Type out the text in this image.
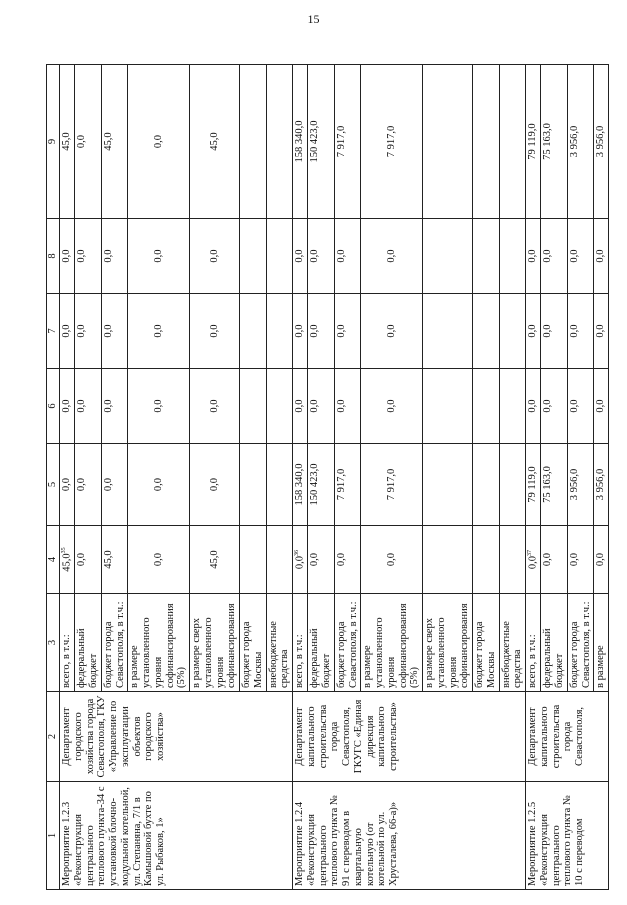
15
1	2	3	4	5	6	7	8	9
Мероприятие 1.2.3 «Реконструкция центрального теплового пункта-34 с установкой блочно-модульной котельной, ул. Степаняна, 7/1 в Камышовой бухте по ул. Рыбаков, 1»	Департамент городского хозяйства города Севастополя, ГКУ «Управление по эксплуатации объектов городского хозяйства»	всего, в т.ч.:	45,0$^{35}$	0,0	0,0	0,0	0,0	45,0
		федеральный бюджет	0,0	0,0	0,0	0,0	0,0	0,0
		бюджет города Севастополя, в т.ч.:	45,0	0,0	0,0	0,0	0,0	45,0
		в размере установленного уровня софинансирования (5%)	0,0	0,0	0,0	0,0	0,0	0,0
		в размере сверх установленного уровня софинансирования	45,0	0,0	0,0	0,0	0,0	45,0
		бюджет города Москвы						
		внебюджетные средства						
Мероприятие 1.2.4 «Реконструкция центрального теплового пункта № 91 с переводом в квартальную котельную (от котельной по ул. Хрусталева, 66-а)»	Департамент капитального строительства города Севастополя, ГКУГС «Единая дирекция капитального строительства»	всего, в т.ч.:	$0,0^{36}$	158 340,0	0,0	0,0	0,0	158 340,0
		федеральный бюджет	0,0	150 423,0	0,0	0,0	0,0	150 423,0
		бюджет города Севастополя, в т.ч.:	0,0	7 917,0	0,0	0,0	0,0	7 917,0
		в размере установленного уровня софинансирования (5%)	0,0	7 917,0	0,0	0,0	0,0	7 917,0
		в размере сверх установленного уровня софинансирования						
		бюджет города Москвы						
		внебюджетные средства						
Мероприятие 1.2.5 «Реконструкция центрального теплового пункта № 10 с переводом	Департамент капитального строительства города Севастополя,	всего, в т.ч.:	$0,0^{37}$	79 119,0	0,0	0,0	0,0	79 119,0
		федеральный бюджет	0,0	75 163,0	0,0	0,0	0,0	75 163,0
		бюджет города Севастополя, в т.ч.:	0,0	3 956,0	0,0	0,0	0,0	3 956,0
		в размере	0,0	3 956,0	0,0	0,0	0,0	3 956,0
